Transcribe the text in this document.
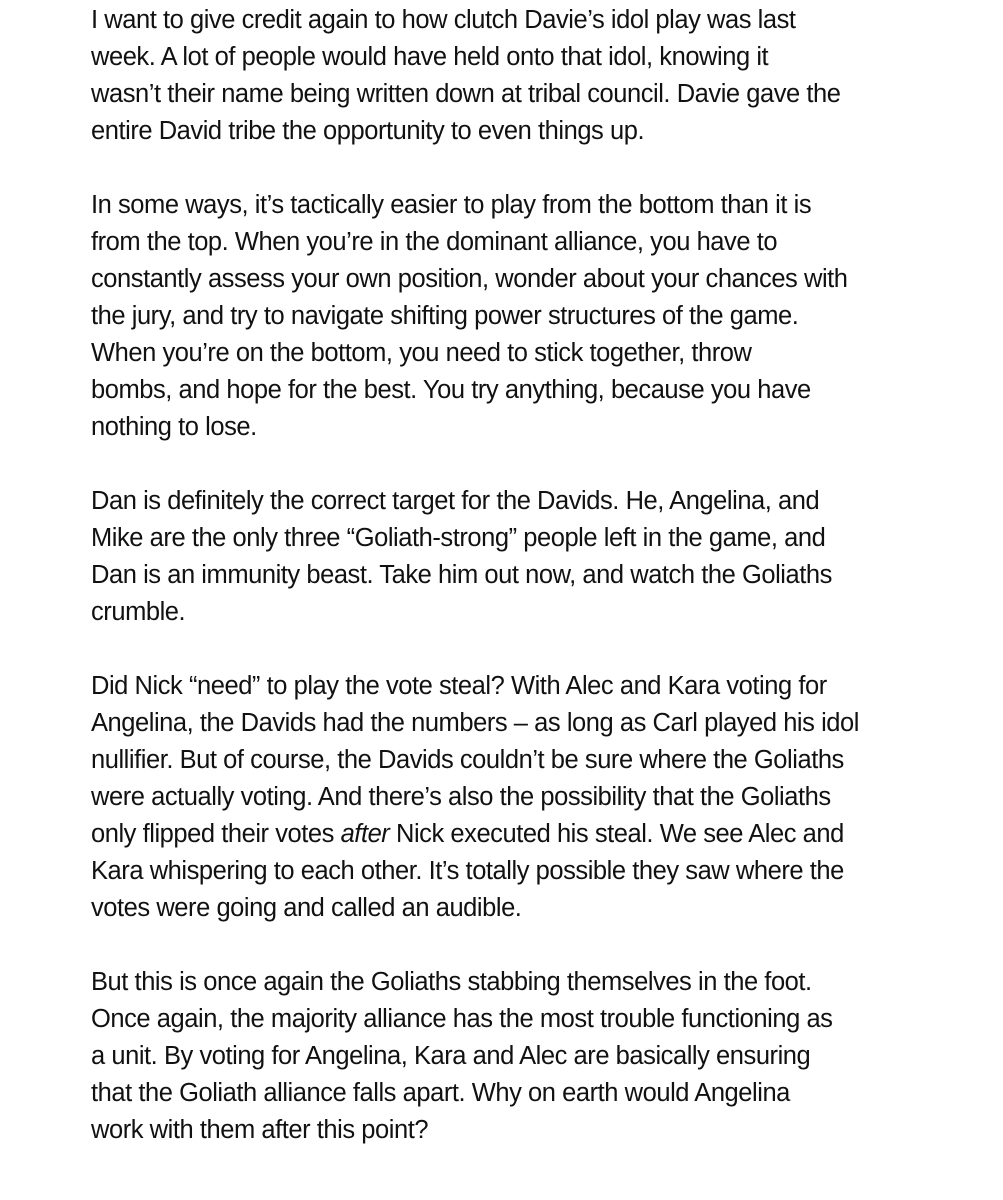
I want to give credit again to how clutch Davie’s idol play was last
week. A lot of people would have held onto that idol, knowing it
wasn’t their name being written down at tribal council. Davie gave the
entire David tribe the opportunity to even things up.
In some ways, it’s tactically easier to play from the bottom than it is
from the top. When you’re in the dominant alliance, you have to
constantly assess your own position, wonder about your chances with
the jury, and try to navigate shifting power structures of the game.
When you’re on the bottom, you need to stick together, throw
bombs, and hope for the best. You try anything, because you have
nothing to lose.
Dan is definitely the correct target for the Davids. He, Angelina, and
Mike are the only three “Goliath-strong” people left in the game, and
Dan is an immunity beast. Take him out now, and watch the Goliaths
crumble.
Did Nick “need” to play the vote steal? With Alec and Kara voting for
Angelina, the Davids had the numbers – as long as Carl played his idol
nullifier. But of course, the Davids couldn’t be sure where the Goliaths
were actually voting. And there’s also the possibility that the Goliaths
only flipped their votes after Nick executed his steal. We see Alec and
Kara whispering to each other. It’s totally possible they saw where the
votes were going and called an audible.
But this is once again the Goliaths stabbing themselves in the foot.
Once again, the majority alliance has the most trouble functioning as
a unit. By voting for Angelina, Kara and Alec are basically ensuring
that the Goliath alliance falls apart. Why on earth would Angelina
work with them after this point?
